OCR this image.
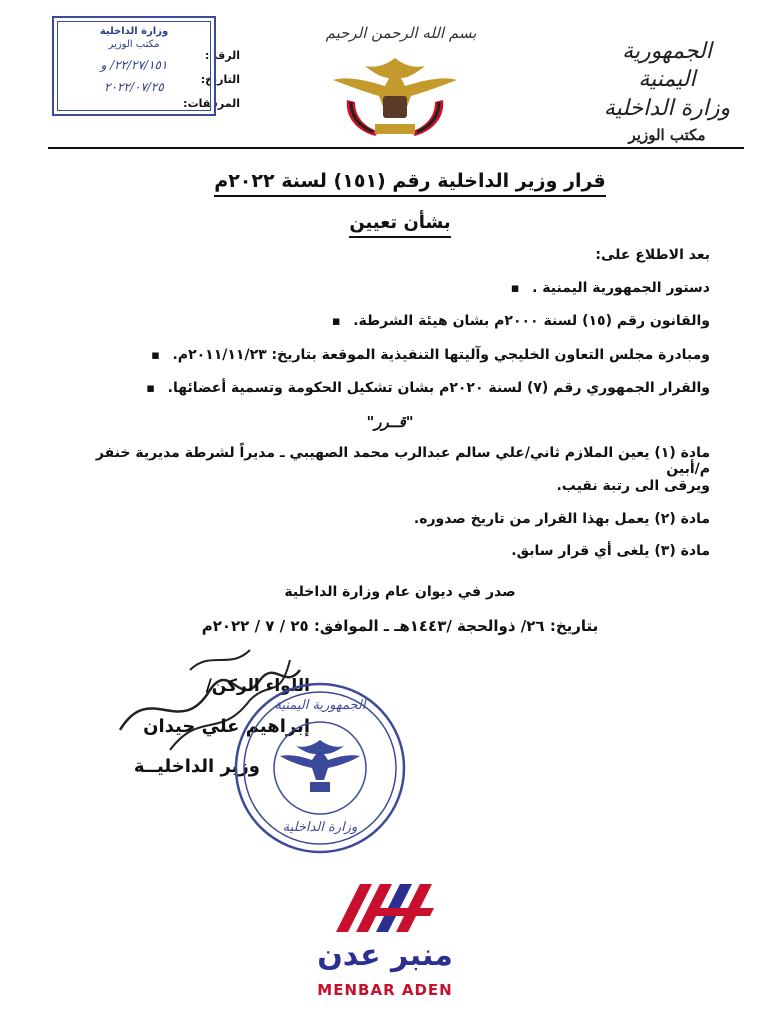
الجمهورية اليمنية
وزارة الداخلية
مكتب الوزير
بسم الله الرحمن الرحيم
الرقم:
التاريخ:
المرفقات:
وزارة الداخلية
مكتب الوزير
٢٢/٢٧/١٥١/ و
٢٠٢٢/٠٧/٢٥
قرار وزير الداخلية رقم (١٥١) لسنة ٢٠٢٢م
بشأن تعيين
بعد الاطلاع على:
دستور الجمهورية اليمنية . ▪
والقانون رقم (١٥) لسنة ٢٠٠٠م بشان هيئة الشرطة. ▪
ومبادرة مجلس التعاون الخليجي وآليتها التنفيذية الموقعة بتاريخ: ٢٠١١/١١/٢٣م. ▪
والقرار الجمهوري رقم (٧) لسنة ٢٠٢٠م بشان تشكيل الحكومة وتسمية أعضائها. ▪
"قــرر"
مادة (١) يعين الملازم ثاني/علي سالم عبدالرب محمد الصهيبي ـ مديراً لشرطة مديرية خنفر م/أبين
ويرقى الى رتبة نقيب.
مادة (٢) يعمل بهذا القرار من تاريخ صدوره.
مادة (٣) يلغى أي قرار سابق.
صدر في ديوان عام وزارة الداخلية
بتاريخ: ٢٦/ ذوالحجة /١٤٤٣هـ ـ الموافق: ٢٥ / ٧ / ٢٠٢٢م
اللواء الركن/
إبراهيم علي حيدان
وزير الداخليــة
الجمهورية اليمنية
وزارة الداخلية
منبر عدن
MENBAR ADEN
